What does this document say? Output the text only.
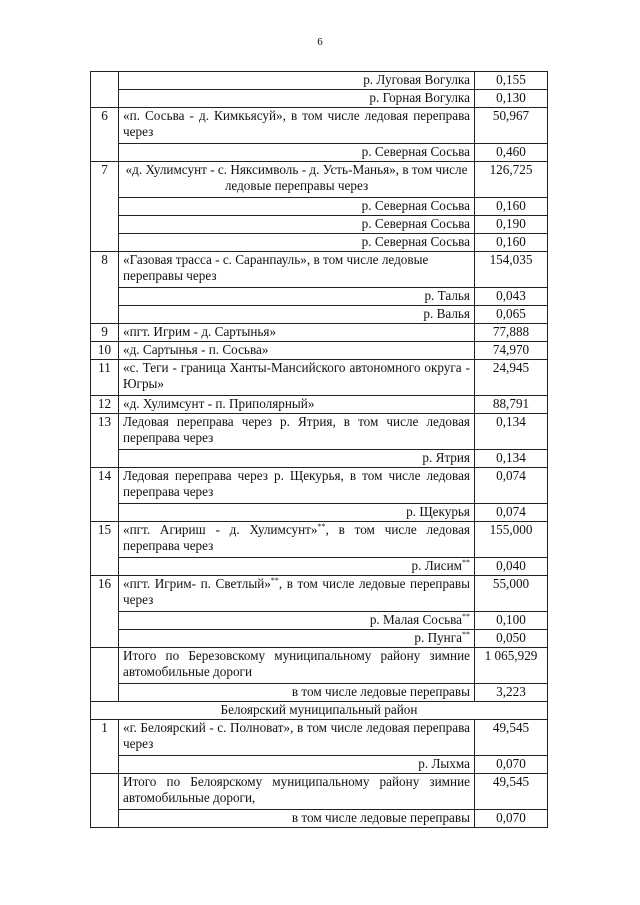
6
	р. Луговая Вогулка	0,155
	р. Горная Вогулка	0,130
6	«п. Сосьва - д. Кимкьясуй», в том числе ледовая переправа через	50,967
	р. Северная Сосьва	0,460
7	«д. Хулимсунт - с. Няксимволь - д. Усть-Манья», в том числе ледовые переправы через	126,725
	р. Северная Сосьва	0,160
	р. Северная Сосьва	0,190
	р. Северная Сосьва	0,160
8	«Газовая трасса - с. Саранпауль», в том числе ледовые переправы через	154,035
	р. Талья	0,043
	р. Валья	0,065
9	«пгт. Игрим - д. Сартынья»	77,888
10	«д. Сартынья - п. Сосьва»	74,970
11	«с. Теги - граница Ханты-Мансийского автономного округа - Югры»	24,945
12	«д. Хулимсунт - п. Приполярный»	88,791
13	Ледовая переправа через р. Ятрия, в том числе ледовая переправа через	0,134
	р. Ятрия	0,134
14	Ледовая переправа через р. Щекурья, в том числе ледовая переправа через	0,074
	р. Щекурья	0,074
15	«пгт. Агириш - д. Хулимсунт»**, в том числе ледовая переправа через	155,000
	р. Лисим**	0,040
16	«пгт. Игрим- п. Светлый»**, в том числе ледовые переправы через	55,000
	р. Малая Сосьва**	0,100
	р. Пунга**	0,050
	Итого по Березовскому муниципальному району зимние автомобильные дороги	1 065,929
	в том числе ледовые переправы	3,223
Белоярский муниципальный район		
1	«г. Белоярский - с. Полноват», в том числе ледовая переправа через	49,545
	р. Лыхма	0,070
	Итого по Белоярскому муниципальному району зимние автомобильные дороги,	49,545
	в том числе ледовые переправы	0,070
